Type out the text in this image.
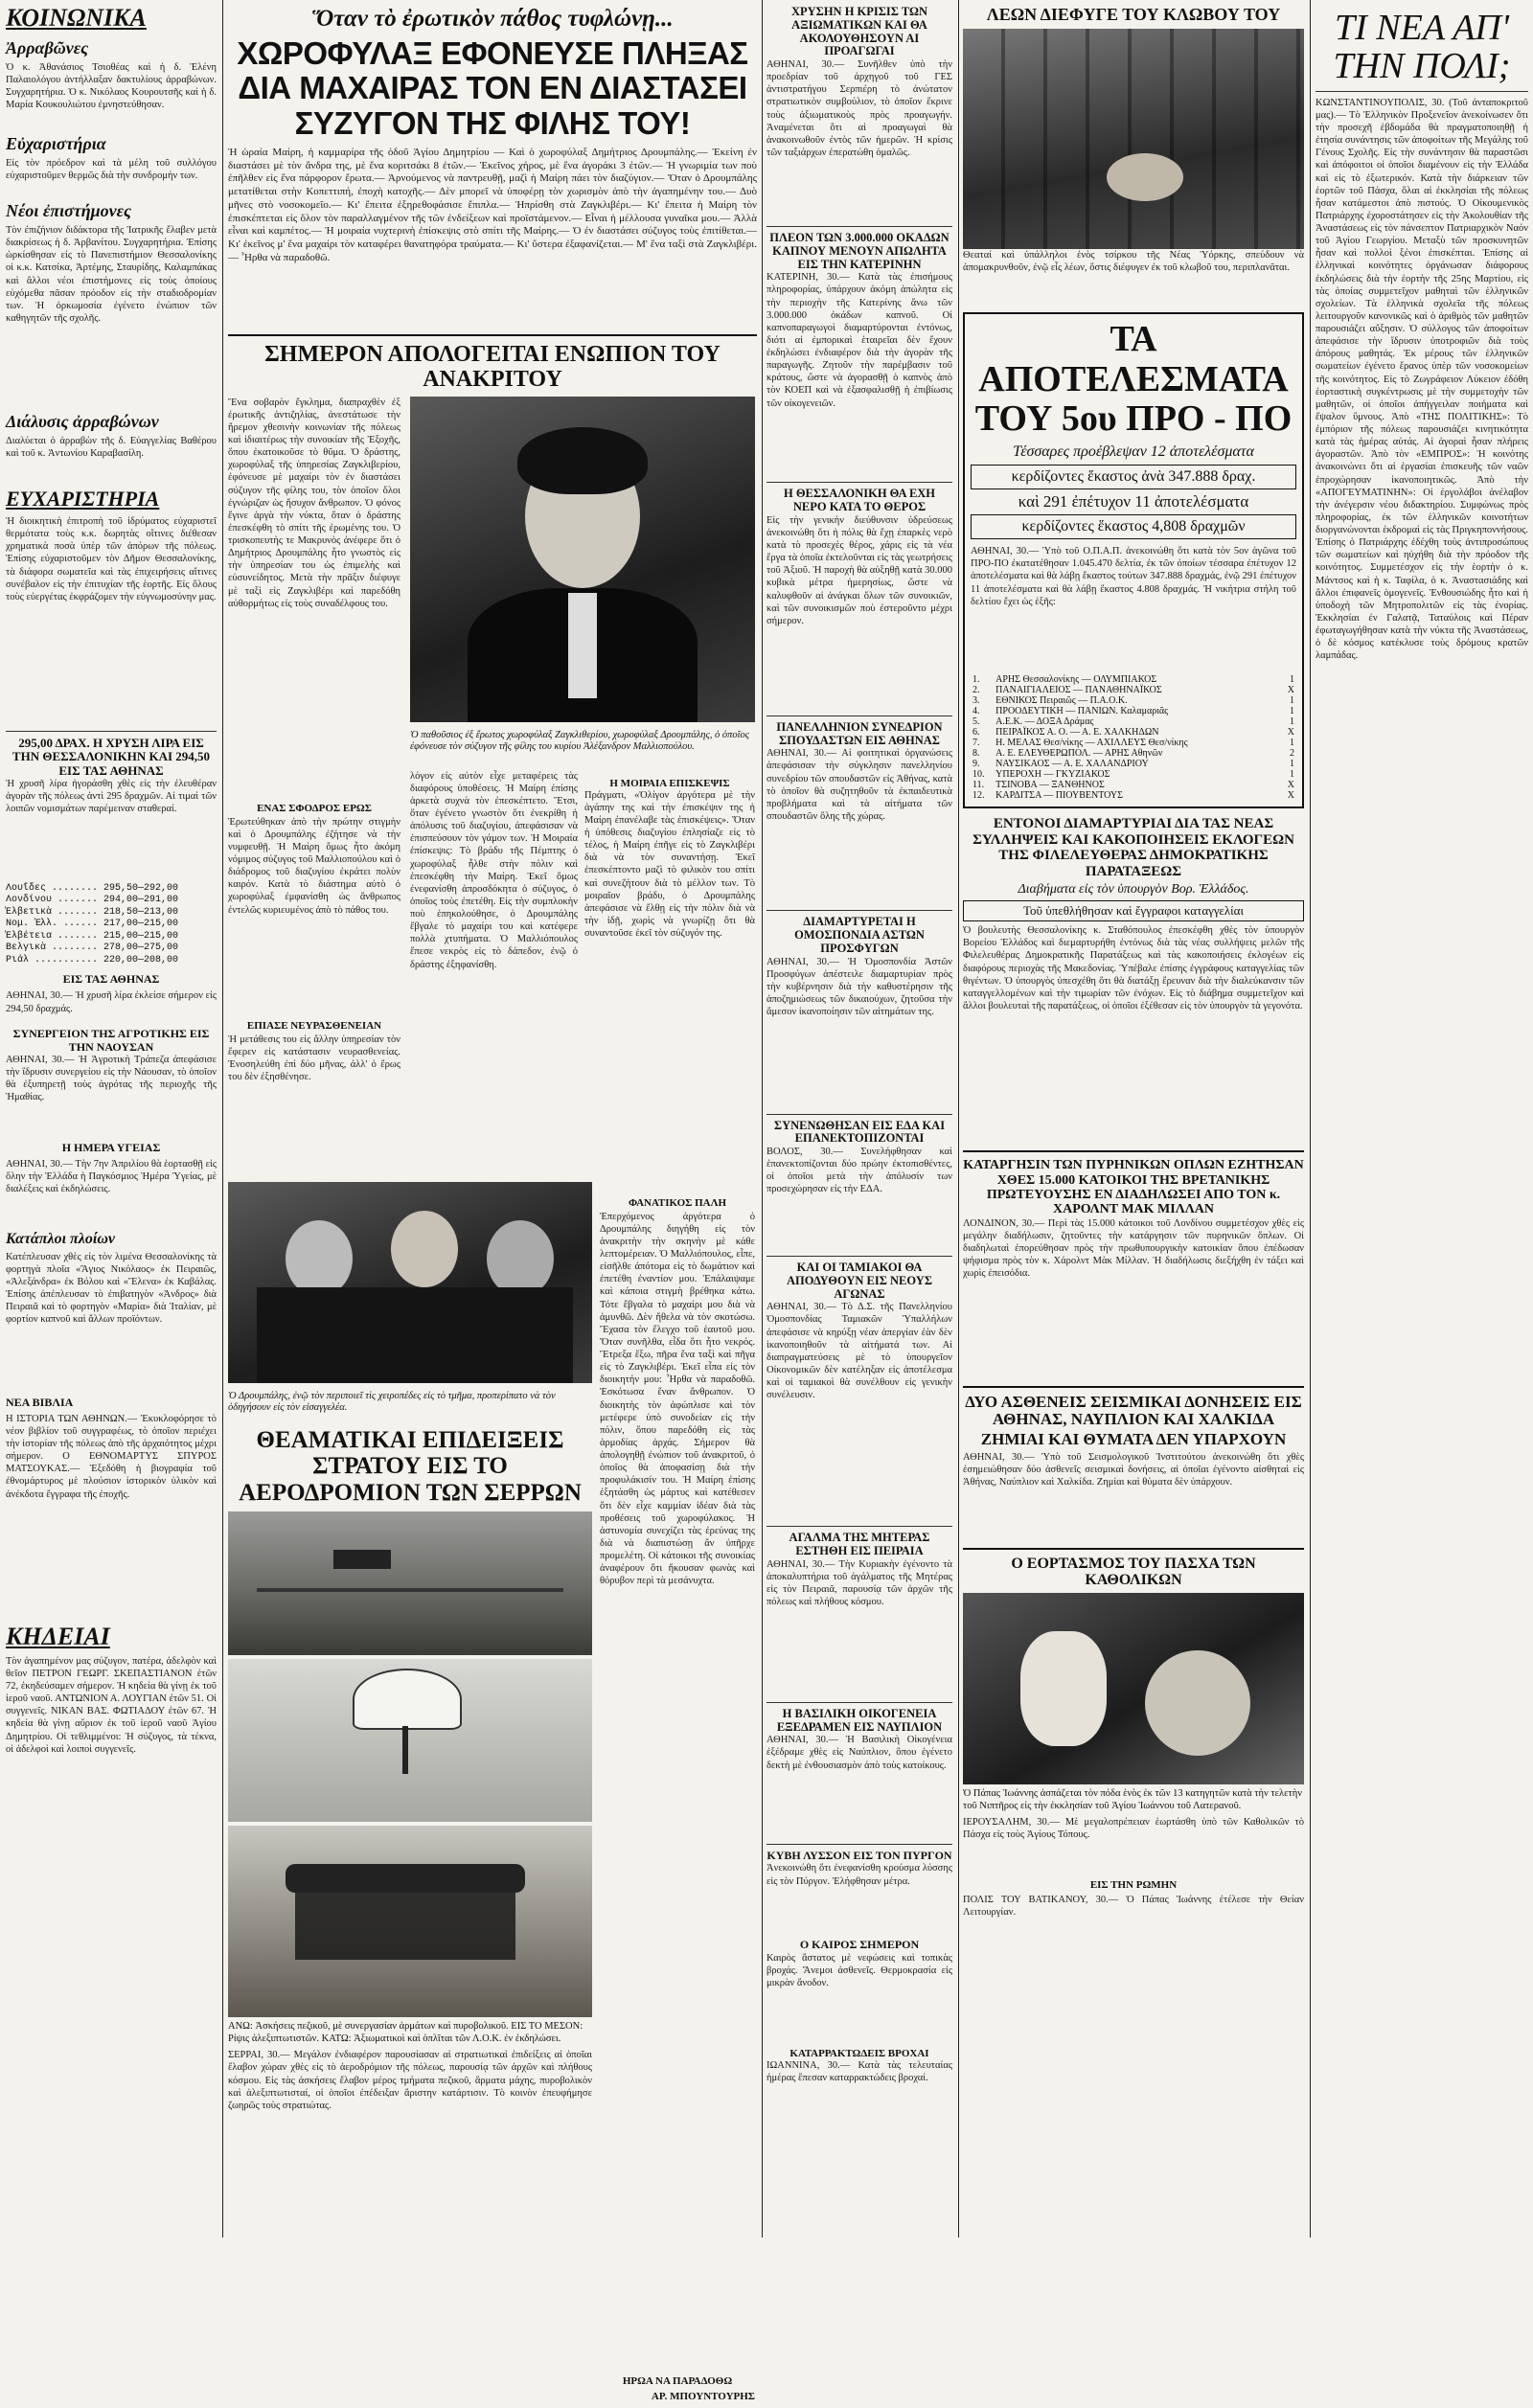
ΚΟΙΝΩΝΙΚΑ
Ἀρραβῶνες
Ὁ κ. Ἀθανάσιος Τσιοθέας καὶ ἡ δ. Ἐλένη Παλαιολόγου ἀντήλλαξαν δακτυλίους ἀρραβώνων. Συγχαρητήρια. Ὁ κ. Νικόλαος Κουρουτσῆς καὶ ἡ δ. Μαρία Κουκουλιώτου ἐμνηστεύθησαν.
Εὐχαριστήρια
Εἰς τὸν πρόεδρον καὶ τὰ μέλη τοῦ συλλόγου εὐχαριστοῦμεν θερμῶς διὰ τὴν συνδρομήν των.
Νέοι ἐπιστήμονες
Τὸν ἐπιζήνιον διδάκτορα τῆς Ἰατρικῆς ἔλαβεν μετὰ διακρίσεως ἡ δ. Ἀρβανίτου. Συγχαρητήρια. Ἐπίσης ὠρκίσθησαν εἰς τὸ Πανεπιστήμιον Θεσσαλονίκης οἱ κ.κ. Κατσίκα, Ἀρτέμης, Σταυρίδης, Καλαμπάκας καὶ ἄλλοι νέοι ἐπιστήμονες εἰς τοὺς ὁποίους εὐχόμεθα πᾶσαν πρόοδον εἰς τὴν σταδιοδρομίαν των. Ἡ ὁρκωμοσία ἐγένετο ἐνώπιον τῶν καθηγητῶν τῆς σχολῆς.
Διάλυσις ἀρραβώνων
Διαλύεται ὁ ἀρραβὼν τῆς δ. Εὐαγγελίας Βαθέρου καὶ τοῦ κ. Ἀντωνίου Καραβασίλη.
ΕΥΧΑΡΙΣΤΗΡΙΑ
Ἡ διοικητικὴ ἐπιτροπὴ τοῦ ἱδρύματος εὐχαριστεῖ θερμότατα τοὺς κ.κ. δωρητὰς οἵτινες διέθεσαν χρηματικὰ ποσὰ ὑπὲρ τῶν ἀπόρων τῆς πόλεως. Ἐπίσης εὐχαριστοῦμεν τὸν Δῆμον Θεσσαλονίκης, τὰ διάφορα σωματεῖα καὶ τὰς ἐπιχειρήσεις αἵτινες συνέβαλον εἰς τὴν ἐπιτυχίαν τῆς ἑορτῆς. Εἰς ὅλους τοὺς εὐεργέτας ἐκφράζομεν τὴν εὐγνωμοσύνην μας.
295,00 ΔΡΑΧ. Η ΧΡΥΣΗ ΛΙΡΑ ΕΙΣ ΤΗΝ ΘΕΣΣΑΛΟΝΙΚΗΝ ΚΑΙ 294,50 ΕΙΣ ΤΑΣ ΑΘΗΝΑΣ
Ἡ χρυσῆ λίρα ἠγοράσθη χθὲς εἰς τὴν ἐλευθέραν ἀγορὰν τῆς πόλεως ἀντὶ 295 δραχμῶν. Αἱ τιμαὶ τῶν λοιπῶν νομισμάτων παρέμειναν σταθεραί.
Λουΐδες ........ 295,50—292,00
Λονδίνου ....... 294,00—291,00
Ἐλβετικὰ ....... 218,50—213,00
Νομ. Ἑλλ. ...... 217,00—215,00
Ἐλβέτεια ....... 215,00—215,00
Βελγικὰ ........ 278,00—275,00
Ριάλ ........... 220,00—208,00
ΕΙΣ ΤΑΣ ΑΘΗΝΑΣ
ΑΘΗΝΑΙ, 30.— Ἡ χρυσῆ λίρα ἐκλείσε σήμερον εἰς 294,50 δραχμάς.
ΣΥΝΕΡΓΕΙΟΝ ΤΗΣ ΑΓΡΟΤΙΚΗΣ ΕΙΣ ΤΗΝ ΝΑΟΥΣΑΝ
ΑΘΗΝΑΙ, 30.— Ἡ Ἀγροτικὴ Τράπεζα ἀπεφάσισε τὴν ἵδρυσιν συνεργείου εἰς τὴν Νάουσαν, τὸ ὁποῖον θὰ ἐξυπηρετῇ τοὺς ἀγρότας τῆς περιοχῆς τῆς Ἡμαθίας.
Η ΗΜΕΡΑ ΥΓΕΙΑΣ
ΑΘΗΝΑΙ, 30.— Τὴν 7ην Ἀπριλίου θὰ ἑορτασθῇ εἰς ὅλην τὴν Ἑλλάδα ἡ Παγκόσμιος Ἡμέρα Ὑγείας, μὲ διαλέξεις καὶ ἐκδηλώσεις.
Κατάπλοι πλοίων
Κατέπλευσαν χθὲς εἰς τὸν λιμένα Θεσσαλονίκης τὰ φορτηγὰ πλοῖα «Ἄγιος Νικόλαος» ἐκ Πειραιῶς, «Ἀλεξάνδρα» ἐκ Βόλου καὶ «Ἕλενα» ἐκ Καβάλας. Ἐπίσης ἀπέπλευσαν τὸ ἐπιβατηγὸν «Ἀνδρος» διὰ Πειραιᾶ καὶ τὸ φορτηγὸν «Μαρία» διὰ Ἰταλίαν, μὲ φορτίον καπνοῦ καὶ ἄλλων προϊόντων.
ΝΕΑ ΒΙΒΛΙΑ
Η ΙΣΤΟΡΙΑ ΤΩΝ ΑΘΗΝΩΝ.— Ἐκυκλοφόρησε τὸ νέον βιβλίον τοῦ συγγραφέως, τὸ ὁποῖον περιέχει τὴν ἱστορίαν τῆς πόλεως ἀπὸ τῆς ἀρχαιότητος μέχρι σήμερον. Ο ΕΘΝΟΜΑΡΤΥΣ ΣΠΥΡΟΣ ΜΑΤΣΟΥΚΑΣ.— Ἐξεδόθη ἡ βιογραφία τοῦ ἐθνομάρτυρος μὲ πλούσιον ἱστορικὸν ὑλικὸν καὶ ἀνέκδοτα ἔγγραφα τῆς ἐποχῆς.
ΚΗΔΕΙΑΙ
Τὸν ἀγαπημένον μας σύζυγον, πατέρα, ἀδελφὸν καὶ θεῖον ΠΕΤΡΟΝ ΓΕΩΡΓ. ΣΚΕΠΑΣΤΙΑΝΟΝ ἐτῶν 72, ἐκηδεύσαμεν σήμερον. Ἡ κηδεία θὰ γίνῃ ἐκ τοῦ ἱεροῦ ναοῦ. ΑΝΤΩΝΙΟΝ Α. ΛΟΥΓΙΑΝ ἐτῶν 51. Οἱ συγγενεῖς. ΝΙΚΑΝ ΒΑΣ. ΦΩΤΙΑΔΟΥ ἐτῶν 67. Ἡ κηδεία θὰ γίνῃ αὔριον ἐκ τοῦ ἱεροῦ ναοῦ Ἁγίου Δημητρίου. Οἱ τεθλιμμένοι: Ἡ σύζυγος, τὰ τέκνα, οἱ ἀδελφοὶ καὶ λοιποὶ συγγενεῖς.
Ὅταν τὸ ἐρωτικὸν πάθος τυφλώνῃ...
ΧΩΡΟΦΥΛΑΞ ΕΦΟΝΕΥΣΕ ΠΛΗΞΑΣ ΔΙΑ ΜΑΧΑΙΡΑΣ ΤΟΝ ΕΝ ΔΙΑΣΤΑΣΕΙ ΣΥΖΥΓΟΝ ΤΗΣ ΦΙΛΗΣ ΤΟΥ!
Ἡ ὡραία Μαίρη, ἡ καμμαρίρα τῆς ὁδοῦ Ἁγίου Δημητρίου — Καὶ ὁ χωροφύλαξ Δημήτριος Δρουμπάλης.— Ἐκείνη ἐν διαστάσει μὲ τὸν ἄνδρα της, μὲ ἕνα κοριτσάκι 8 ἐτῶν.— Ἐκεῖνος χήρος, μὲ ἕνα ἀγοράκι 3 ἐτῶν.— Ἡ γνωριμία των ποὺ ἐπῆλθεν εἰς ἕνα πάρφορον ἔρωτα.— Ἀρνούμενος νὰ παντρευθῇ, μαζὶ ἡ Μαίρη πάει τὸν διαζύγιον.— Ὅταν ὁ Δρουμπάλης μετατίθεται στὴν Κοπεττιπή, ἐποχὴ κατοχῆς.— Δὲν μπορεῖ νὰ ὑποφέρῃ τὸν χωρισμὸν ἀπὸ τὴν ἀγαπημένην του.— Δυὸ μῆνες στὸ νοσοκομεῖο.— Κι' ἔπειτα ἐξηρεθοφάσισε ἔπιπλα.— Ἠπρίσθη στὰ Ζαγκλιβέρι.— Κι' ἔπειτα ἡ Μαίρη τὸν ἐπισκέπτεται εἰς ὅλον τὸν παραλλαγμένον τῆς τῶν ἐνδείξεων καὶ προϊστάμενον.— Εἶναι ἡ μέλλουσα γυναῖκα μου.— Ἀλλὰ εἶναι καὶ καμπέτος.— Ἡ μοιραία νυχτερινὴ ἐπίσκεψις στὸ σπίτι τῆς Μαίρης.— Ὁ ἐν διαστάσει σύζυγος τοὺς ἐπιτίθεται.— Κι' ἐκεῖνος μ' ἕνα μαχαίρι τὸν καταφέρει θανατηφόρα τραύματα.— Κι' ὕστερα ἐξαφανίζεται.— Μ' ἕνα ταξὶ στὰ Ζαγκλιβέρι.— Ἦρθα νὰ παραδοθῶ.
ΣΗΜΕΡΟΝ ΑΠΟΛΟΓΕΙΤΑΙ ΕΝΩΠΙΟΝ ΤΟΥ ΑΝΑΚΡΙΤΟΥ
Ἕνα σοβαρὸν ἔγκλημα, διαπραχθὲν ἐξ ἐρωτικῆς ἀντιζηλίας, ἀνεστάτωσε τὴν ἤρεμον χθεσινὴν κοινωνίαν τῆς πόλεως καὶ ἰδιαιτέρως τὴν συνοικίαν τῆς Ἐξοχῆς, ὅπου ἐκατοικοῦσε τὸ θῦμα. Ὁ δράστης, χωροφύλαξ τῆς ὑπηρεσίας Ζαγκλιβερίου, ἐφόνευσε μὲ μαχαίρι τὸν ἐν διαστάσει σύζυγον τῆς φίλης του, τὸν ὁποῖον ὅλοι ἐγνώριζαν ὡς ἥσυχον ἄνθρωπον. Ὁ φόνος ἔγινε ἀργὰ τὴν νύκτα, ὅταν ὁ δράστης ἐπεσκέφθη τὸ σπίτι τῆς ἐρωμένης του. Ὁ τρισκοπευτὴς τε Μακρυνὸς ἀνέφερε ὅτι ὁ Δημήτριος Δρουμπάλης ἦτο γνωστὸς εἰς τὴν ὑπηρεσίαν του ὡς ἐπιμελὴς καὶ εὐσυνείδητος. Μετὰ τὴν πρᾶξιν διέφυγε μὲ ταξὶ εἰς Ζαγκλιβέρι καὶ παρεδόθη αὐθορμήτως εἰς τοὺς συναδέλφους του.
Ὁ παθοῦσιος ἐξ ἔρωτος χωροφύλαξ Ζαγκλιθερίου, χωροφύλαξ Δρουμπάλης, ὁ ὁποῖος ἐφόνευσε τὸν σύζυγον τῆς φίλης του κυρίου Ἀλέξανδρον Μαλλιοπούλου.
ΕΝΑΣ ΣΦΟΔΡΟΣ ΕΡΩΣ
Ἐρωτεύθηκαν ἀπὸ τὴν πρώτην στιγμὴν καὶ ὁ Δρουμπάλης ἐζήτησε νὰ τὴν νυμφευθῇ. Ἡ Μαίρη ὅμως ἦτο ἀκόμη νόμιμος σύζυγος τοῦ Μαλλιοπούλου καὶ ὁ διάδρομος τοῦ διαζυγίου ἐκράτει πολὺν καιρόν. Κατὰ τὸ διάστημα αὐτὸ ὁ χωροφύλαξ ἐμφανίσθη ὡς ἄνθρωπος ἐντελῶς κυριευμένος ἀπὸ τὸ πάθος του.
ΕΠΙΑΣΕ ΝΕΥΡΑΣΘΕΝΕΙΑΝ
Ἡ μετάθεσις του εἰς ἄλλην ὑπηρεσίαν τὸν ἔφερεν εἰς κατάστασιν νευρασθενείας. Ἐνοσηλεύθη ἐπὶ δύο μῆνας, ἀλλ' ὁ ἔρως του δὲν ἐξησθένησε.
λόγον εἰς αὐτὸν εἶχε μεταφέρεις τὰς διαφόρους ὑποθέσεις. Ἡ Μαίρη ἐπίσης ἀρκετὰ συχνὰ τὸν ἐπεσκέπτετο. Ἔτσι, ὅταν ἐγένετο γνωστὸν ὅτι ἐνεκρίθη ἡ ἀπόλυσις τοῦ διαζυγίου, ἀπεφάσισαν νὰ ἐπισπεύσουν τὸν γάμον των. Ἡ Μοιραία ἐπίσκεψις: Τὸ βράδυ τῆς Πέμπτης ὁ χωροφύλαξ ἦλθε στὴν πόλιν καὶ ἐπεσκέφθη τὴν Μαίρη. Ἐκεῖ ὅμως ἐνεφανίσθη ἀπροσδόκητα ὁ σύζυγος, ὁ ὁποῖος τοὺς ἐπετέθη. Εἰς τὴν συμπλοκὴν ποὺ ἐπηκολούθησε, ὁ Δρουμπάλης ἔβγαλε τὸ μαχαίρι του καὶ κατέφερε πολλὰ χτυπήματα. Ὁ Μαλλιόπουλος ἔπεσε νεκρὸς εἰς τὸ δάπεδον, ἐνῷ ὁ δράστης ἐξηφανίσθη.
Η ΜΟΙΡΑΙΑ ΕΠΙΣΚΕΨΙΣ
Πράγματι, «Ὀλίγον ἀργότερα μὲ τὴν ἀγάπην της καὶ τὴν ἐπισκέψιν της ἡ Μαίρη ἐπανέλαβε τὰς ἐπισκέψεις». Ὅταν ἡ ὑπόθεσις διαζυγίου ἐπλησίαζε εἰς τὸ τέλος, ἡ Μαίρη ἐπῆγε εἰς τὸ Ζαγκλιβέρι διὰ νὰ τὸν συναντήσῃ. Ἐκεῖ ἐπεσκέπτοντο μαζὶ τὸ φιλικὸν του σπίτι καὶ συνεζήτουν διὰ τὸ μέλλον των. Τὸ μοιραῖον βράδυ, ὁ Δρουμπάλης ἀπεφάσισε νὰ ἔλθῃ εἰς τὴν πόλιν διὰ νὰ τὴν ἰδῇ, χωρὶς νὰ γνωρίζῃ ὅτι θὰ συναντοῦσε ἐκεῖ τὸν σύζυγόν της.
Ὁ Δρουμπάλης, ἐνῷ τὸν περιποιεῖ τὶς χειροπέδες εἰς τὸ τμῆμα, προπερίπατο νὰ τὸν ὁδηγήσουν εἰς τὸν εἰσαγγελέα.
ΦΑΝΑΤΙΚΟΣ ΠΑΛΗ
Ἐπερχόμενος ἀργότερα ὁ Δρουμπάλης διηγήθη εἰς τὸν ἀνακριτὴν τὴν σκηνὴν μὲ κάθε λεπτομέρειαν. Ὁ Μαλλιόπουλος, εἶπε, εἰσῆλθε ἀπότομα εἰς τὸ δωμάτιον καὶ ἐπετέθη ἐναντίον μου. Ἐπάλαιψαμε καὶ κάποια στιγμὴ βρέθηκα κάτω. Τότε ἔβγαλα τὸ μαχαίρι μου διὰ νὰ ἀμυνθῶ. Δὲν ἤθελα νὰ τὸν σκοτώσω. Ἔχασα τὸν ἔλεγχο τοῦ ἑαυτοῦ μου. Ὅταν συνῆλθα, εἶδα ὅτι ἦτο νεκρός. Ἔτρεξα ἔξω, πῆρα ἕνα ταξὶ καὶ πῆγα εἰς τὸ Ζαγκλιβέρι. Ἐκεῖ εἶπα εἰς τὸν διοικητήν μου: Ἦρθα νὰ παραδοθῶ. Ἐσκότωσα ἕναν ἄνθρωπον. Ὁ διοικητὴς τὸν ἀφώπλισε καὶ τὸν μετέφερε ὑπὸ συνοδείαν εἰς τὴν πόλιν, ὅπου παρεδόθη εἰς τὰς ἀρμοδίας ἀρχάς. Σήμερον θὰ ἀπολογηθῇ ἐνώπιον τοῦ ἀνακριτοῦ, ὁ ὁποῖος θὰ ἀποφασίσῃ διὰ τὴν προφυλάκισίν του. Ἡ Μαίρη ἐπίσης ἐξητάσθη ὡς μάρτυς καὶ κατέθεσεν ὅτι δὲν εἶχε καμμίαν ἰδέαν διὰ τὰς προθέσεις τοῦ χωροφύλακος. Ἡ ἀστυνομία συνεχίζει τὰς ἐρεύνας της διὰ νὰ διαπιστώσῃ ἂν ὑπῆρχε προμελέτη. Οἱ κάτοικοι τῆς συνοικίας ἀναφέρουν ὅτι ἤκουσαν φωνὰς καὶ θόρυβον περὶ τὰ μεσάνυχτα.
ΗΡΩΑ ΝΑ ΠΑΡΑΔΟΘΩ
ΑΡ. ΜΠΟΥΝΤΟΥΡΗΣ
ΘΕΑΜΑΤΙΚΑΙ ΕΠΙΔΕΙΞΕΙΣ ΣΤΡΑΤΟΥ ΕΙΣ ΤΟ ΑΕΡΟΔΡΟΜΙΟΝ ΤΩΝ ΣΕΡΡΩΝ
ΑΝΩ: Ἀσκήσεις πεζικοῦ, μὲ συνεργασίαν ἁρμάτων καὶ πυροβολικοῦ. ΕΙΣ ΤΟ ΜΕΣΟΝ: Ρίψις ἀλεξιπτωτιστῶν. ΚΑΤΩ: Ἀξιωματικοὶ καὶ ὁπλῖται τῶν Λ.Ο.Κ. ἐν ἐκδηλώσει.
ΣΕΡΡΑΙ, 30.— Μεγάλον ἐνδιαφέρον παρουσίασαν αἱ στρατιωτικαὶ ἐπιδείξεις αἱ ὁποῖαι ἔλαβον χώραν χθὲς εἰς τὸ ἀεροδρόμιον τῆς πόλεως, παρουσίᾳ τῶν ἀρχῶν καὶ πλήθους κόσμου. Εἰς τὰς ἀσκήσεις ἔλαβον μέρος τμήματα πεζικοῦ, ἅρματα μάχης, πυροβολικὸν καὶ ἀλεξιπτωτισταί, οἱ ὁποῖοι ἐπέδειξαν ἄριστην κατάρτισιν. Τὸ κοινὸν ἐπευφήμησε ζωηρῶς τοὺς στρατιώτας.
ΧΡΥΣΗΝ Η ΚΡΙΣΙΣ ΤΩΝ ΑΞΙΩΜΑΤΙΚΩΝ ΚΑΙ ΘΑ ΑΚΟΛΟΥΘΗΣΟΥΝ ΑΙ ΠΡΟΑΓΩΓΑΙ
ΑΘΗΝΑΙ, 30.— Συνῆλθεν ὑπὸ τὴν προεδρίαν τοῦ ἀρχηγοῦ τοῦ ΓΕΣ ἀντιστρατήγου Σερπιέρη τὸ ἀνώτατον στρατιωτικὸν συμβούλιον, τὸ ὁποῖον ἔκρινε τοὺς ἀξιωματικοὺς πρὸς προαγωγήν. Ἀναμένεται ὅτι αἱ προαγωγαὶ θὰ ἀνακοινωθοῦν ἐντὸς τῶν ἡμερῶν. Ἡ κρίσις τῶν ταξιάρχων ἐπερατώθη ὁμαλῶς.
ΠΛΕΟΝ ΤΩΝ 3.000.000 ΟΚΑΔΩΝ ΚΑΠΝΟΥ ΜΕΝΟΥΝ ΑΠΩΛΗΤΑ ΕΙΣ ΤΗΝ ΚΑΤΕΡΙΝΗΝ
ΚΑΤΕΡΙΝΗ, 30.— Κατὰ τὰς ἐπισήμους πληροφορίας, ὑπάρχουν ἀκόμη ἀπώλητα εἰς τὴν περιοχὴν τῆς Κατερίνης ἄνω τῶν 3.000.000 ὀκάδων καπνοῦ. Οἱ καπνοπαραγωγοὶ διαμαρτύρονται ἐντόνως, διότι αἱ ἐμπορικαὶ ἑταιρεῖαι δὲν ἔχουν ἐκδηλώσει ἐνδιαφέρον διὰ τὴν ἀγορὰν τῆς παραγωγῆς. Ζητοῦν τὴν παρέμβασιν τοῦ κράτους, ὥστε νὰ ἀγορασθῇ ὁ καπνὸς ἀπὸ τὸν ΚΟΕΠ καὶ νὰ ἐξασφαλισθῇ ἡ ἐπιβίωσις τῶν οἰκογενειῶν.
Η ΘΕΣΣΑΛΟΝΙΚΗ ΘΑ ΕΧΗ ΝΕΡΟ ΚΑΤΑ ΤΟ ΘΕΡΟΣ
Εἰς τὴν γενικὴν διεύθυνσιν ὑδρεύσεως ἀνεκοινώθη ὅτι ἡ πόλις θὰ ἔχῃ ἐπαρκὲς νερὸ κατὰ τὸ προσεχὲς θέρος, χάρις εἰς τὰ νέα ἔργα τὰ ὁποῖα ἐκτελοῦνται εἰς τὰς γεωτρήσεις τοῦ Ἀξιοῦ. Ἡ παροχὴ θὰ αὐξηθῇ κατὰ 30.000 κυβικὰ μέτρα ἡμερησίως, ὥστε νὰ καλυφθοῦν αἱ ἀνάγκαι ὅλων τῶν συνοικιῶν, καὶ τῶν συνοικισμῶν ποὺ ἐστεροῦντο μέχρι σήμερον.
ΠΑΝΕΛΛΗΝΙΟΝ ΣΥΝΕΔΡΙΟΝ ΣΠΟΥΔΑΣΤΩΝ ΕΙΣ ΑΘΗΝΑΣ
ΑΘΗΝΑΙ, 30.— Αἱ φοιτητικαὶ ὀργανώσεις ἀπεφάσισαν τὴν σύγκλησιν πανελληνίου συνεδρίου τῶν σπουδαστῶν εἰς Ἀθήνας, κατὰ τὸ ὁποῖον θὰ συζητηθοῦν τὰ ἐκπαιδευτικὰ προβλήματα καὶ τὰ αἰτήματα τῶν σπουδαστῶν ὅλης τῆς χώρας.
ΔΙΑΜΑΡΤΥΡΕΤΑΙ Η ΟΜΟΣΠΟΝΔΙΑ ΑΣΤΩΝ ΠΡΟΣΦΥΓΩΝ
ΑΘΗΝΑΙ, 30.— Ἡ Ὁμοσπονδία Ἀστῶν Προσφύγων ἀπέστειλε διαμαρτυρίαν πρὸς τὴν κυβέρνησιν διὰ τὴν καθυστέρησιν τῆς ἀποζημιώσεως τῶν δικαιούχων, ζητοῦσα τὴν ἄμεσον ἱκανοποίησιν τῶν αἰτημάτων της.
ΣΥΝΕΝΩΘΗΣΑΝ ΕΙΣ ΕΔΑ ΚΑΙ ΕΠΑΝΕΚΤΟΠΙΖΟΝΤΑΙ
ΒΟΛΟΣ, 30.— Συνελήφθησαν καὶ ἐπανεκτοπίζονται δύο πρώην ἐκτοπισθέντες, οἱ ὁποῖοι μετὰ τὴν ἀπόλυσίν των προσεχώρησαν εἰς τὴν ΕΔΑ.
ΚΑΙ ΟΙ ΤΑΜΙΑΚΟΙ ΘΑ ΑΠΟΔΥΘΟΥΝ ΕΙΣ ΝΕΟΥΣ ΑΓΩΝΑΣ
ΑΘΗΝΑΙ, 30.— Τὸ Δ.Σ. τῆς Πανελληνίου Ὁμοσπονδίας Ταμιακῶν Ὑπαλλήλων ἀπεφάσισε νὰ κηρύξῃ νέαν ἀπεργίαν ἐὰν δὲν ἱκανοποιηθοῦν τὰ αἰτήματά των. Αἱ διαπραγματεύσεις μὲ τὸ ὑπουργεῖον Οἰκονομικῶν δὲν κατέληξαν εἰς ἀποτέλεσμα καὶ οἱ ταμιακοὶ θὰ συνέλθουν εἰς γενικὴν συνέλευσιν.
ΑΓΑΛΜΑ ΤΗΣ ΜΗΤΕΡΑΣ ΕΣΤΗΘΗ ΕΙΣ ΠΕΙΡΑΙΑ
ΑΘΗΝΑΙ, 30.— Τὴν Κυριακὴν ἐγένοντο τὰ ἀποκαλυπτήρια τοῦ ἀγάλματος τῆς Μητέρας εἰς τὸν Πειραιᾶ, παρουσίᾳ τῶν ἀρχῶν τῆς πόλεως καὶ πλήθους κόσμου.
Η ΒΑΣΙΛΙΚΗ ΟΙΚΟΓΕΝΕΙΑ ΕΞΕΔΡΑΜΕΝ ΕΙΣ ΝΑΥΠΛΙΟΝ
ΑΘΗΝΑΙ, 30.— Ἡ Βασιλικὴ Οἰκογένεια ἐξέδραμε χθὲς εἰς Ναύπλιον, ὅπου ἐγένετο δεκτὴ μὲ ἐνθουσιασμὸν ἀπὸ τοὺς κατοίκους.
ΚΥΒΗ ΛΥΣΣΟΝ ΕΙΣ ΤΟΝ ΠΥΡΓΟΝ
Ἀνεκοινώθη ὅτι ἐνεφανίσθη κρούσμα λύσσης εἰς τὸν Πύργον. Ἐλήφθησαν μέτρα.
Ο ΚΑΙΡΟΣ ΣΗΜΕΡΟΝ
Καιρὸς ἄστατος μὲ νεφώσεις καὶ τοπικὰς βροχάς. Ἄνεμοι ἀσθενεῖς. Θερμοκρασία εἰς μικρὰν ἄνοδον.
ΚΑΤΑΡΡΑΚΤΩΔΕΙΣ ΒΡΟΧΑΙ
ΙΩΑΝΝΙΝΑ, 30.— Κατὰ τὰς τελευταίας ἡμέρας ἔπεσαν καταρρακτώδεις βροχαί.
ΛΕΩΝ ΔΙΕΦΥΓΕ ΤΟΥ ΚΛΩΒΟΥ ΤΟΥ
Θεαταί καὶ ὑπάλληλοι ἑνὸς τσίρκου τῆς Νέας Ὑόρκης, σπεύδουν νὰ ἀπομακρυνθοῦν, ἐνῷ εἷς λέων, ὅστις διέφυγεν ἐκ τοῦ κλωβοῦ του, περιπλανᾶται.
ΤΑ ΑΠΟΤΕΛΕΣΜΑΤΑ
ΤΟΥ 5ου ΠΡΟ - ΠΟ
Τέσσαρες προέβλεψαν 12 ἀποτελέσματα
κερδίζοντες ἕκαστος ἀνὰ 347.888 δραχ.
καὶ 291 ἐπέτυχον 11 ἀποτελέσματα
κερδίζοντες ἕκαστος 4,808 δραχμῶν
ΑΘΗΝΑΙ, 30.— Ὑπὸ τοῦ Ο.Π.Α.Π. ἀνεκοινώθη ὅτι κατὰ τὸν 5ον ἀγῶνα τοῦ ΠΡΟ-ΠΟ ἐκατατέθησαν 1.045.470 δελτία, ἐκ τῶν ὁποίων τέσσαρα ἐπέτυχον 12 ἀποτελέσματα καὶ θὰ λάβῃ ἕκαστος τούτων 347.888 δραχμάς, ἐνῷ 291 ἐπέτυχον 11 ἀποτελέσματα καὶ θὰ λάβῃ ἕκαστος 4.808 δραχμάς. Ἡ νικήτρια στήλη τοῦ δελτίου ἔχει ὡς ἑξῆς:
1.	ΑΡΗΣ Θεσσαλονίκης — ΟΛΥΜΠΙΑΚΟΣ	1
2.	ΠΑΝΑΙΓΙΑΛΕΙΟΣ — ΠΑΝΑΘΗΝΑΪΚΟΣ	X
3.	ΕΘΝΙΚΟΣ Πειραιῶς — Π.Α.Ο.Κ.	1
4.	ΠΡΟΟΔΕΥΤΙΚΗ — ΠΑΝΙΩΝ. Καλαμαριᾶς	1
5.	Α.Ε.Κ. — ΔΟΞΑ Δράμας	1
6.	ΠΕΙΡΑΪΚΟΣ Α. Ο. — Α. Ε. ΧΑΛΚΗΔΩΝ	X
7.	Η. ΜΕΛΑΣ Θεσ/νίκης — ΑΧΙΛΛΕΥΣ Θεσ/νίκης	1
8.	Α. Ε. ΕΛΕΥΘΕΡΩΠΟΛ. — ΑΡΗΣ Αθηνῶν	2
9.	ΝΑΥΣΙΚΑΟΣ — Α. Ε. ΧΑΛΑΝΔΡΙΟΥ	1
10.	ΥΠΕΡΟΧΗ — ΓΚΥΖΙΑΚΟΣ	1
11.	ΤΣΙΝΟΒΑ — ΞΑΝΘΗΝΟΣ	X
12.	ΚΑΡΔΙΤΣΑ — ΠΙΟΥΒΕΝΤΟΥΣ	X
ΕΝΤΟΝΟΙ ΔΙΑΜΑΡΤΥΡΙΑΙ ΔΙΑ ΤΑΣ ΝΕΑΣ ΣΥΛΛΗΨΕΙΣ ΚΑΙ ΚΑΚΟΠΟΙΗΣΕΙΣ ΕΚΛΟΓΕΩΝ ΤΗΣ ΦΙΛΕΛΕΥΘΕΡΑΣ ΔΗΜΟΚΡΑΤΙΚΗΣ ΠΑΡΑΤΑΞΕΩΣ
Διαβήματα εἰς τὸν ὑπουργὸν Βορ. Ἑλλάδος.
Τοῦ ὑπεθλήθησαν καὶ ἔγγραφοι καταγγελίαι
Ὁ βουλευτὴς Θεσσαλονίκης κ. Σταθόπουλος ἐπεσκέφθη χθὲς τὸν ὑπουργὸν Βορείου Ἑλλάδος καὶ διεμαρτυρήθη ἐντόνως διὰ τὰς νέας συλλήψεις μελῶν τῆς Φιλελευθέρας Δημοκρατικῆς Παρατάξεως καὶ τὰς κακοποιήσεις ἐκλογέων εἰς διαφόρους περιοχὰς τῆς Μακεδονίας. Ὑπέβαλε ἐπίσης ἐγγράφους καταγγελίας τῶν θιγέντων. Ὁ ὑπουργὸς ὑπεσχέθη ὅτι θὰ διατάξῃ ἔρευναν διὰ τὴν διαλεύκανσιν τῶν καταγγελλομένων καὶ τὴν τιμωρίαν τῶν ἐνόχων. Εἰς τὸ διάβημα συμμετεῖχον καὶ ἄλλοι βουλευταὶ τῆς παρατάξεως, οἱ ὁποῖοι ἐξέθεσαν εἰς τὸν ὑπουργὸν τὰ γεγονότα.
ΚΑΤΑΡΓΗΣΙΝ ΤΩΝ ΠΥΡΗΝΙΚΩΝ ΟΠΛΩΝ ΕΖΗΤΗΣΑΝ ΧΘΕΣ 15.000 ΚΑΤΟΙΚΟΙ ΤΗΣ ΒΡΕΤΑΝΙΚΗΣ ΠΡΩΤΕΥΟΥΣΗΣ ΕΝ ΔΙΑΔΗΛΩΣΕΙ ΑΠΟ ΤΟΝ κ. ΧΑΡΟΛΝΤ ΜΑΚ ΜΙΛΛΑΝ
ΛΟΝΔΙΝΟΝ, 30.— Περὶ τὰς 15.000 κάτοικοι τοῦ Λονδίνου συμμετέσχον χθὲς εἰς μεγάλην διαδήλωσιν, ζητοῦντες τὴν κατάργησιν τῶν πυρηνικῶν ὅπλων. Οἱ διαδηλωταὶ ἐπορεύθησαν πρὸς τὴν πρωθυπουργικὴν κατοικίαν ὅπου ἐπέδωσαν ψήφισμα πρὸς τὸν κ. Χάρολντ Μὰκ Μίλλαν. Ἡ διαδήλωσις διεξήχθη ἐν τάξει καὶ χωρὶς ἐπεισόδια.
ΔΥΟ ΑΣΘΕΝΕΙΣ ΣΕΙΣΜΙΚΑΙ ΔΟΝΗΣΕΙΣ ΕΙΣ ΑΘΗΝΑΣ, ΝΑΥΠΛΙΟΝ ΚΑΙ ΧΑΛΚΙΔΑ
ΖΗΜΙΑΙ ΚΑΙ ΘΥΜΑΤΑ ΔΕΝ ΥΠΑΡΧΟΥΝ
ΑΘΗΝΑΙ, 30.— Ὑπὸ τοῦ Σεισμολογικοῦ Ἰνστιτούτου ἀνεκοινώθη ὅτι χθὲς ἐσημειώθησαν δύο ἀσθενεῖς σεισμικαὶ δονήσεις, αἱ ὁποῖαι ἐγένοντο αἰσθηταὶ εἰς Ἀθήνας, Ναύπλιον καὶ Χαλκίδα. Ζημίαι καὶ θύματα δὲν ὑπάρχουν.
Ο ΕΟΡΤΑΣΜΟΣ ΤΟΥ ΠΑΣΧΑ ΤΩΝ ΚΑΘΟΛΙΚΩΝ
Ὁ Πάπας Ἰωάννης ἀσπάζεται τὸν πόδα ἑνὸς ἐκ τῶν 13 κατηγητῶν κατὰ τὴν τελετὴν τοῦ Νιπτῆρος εἰς τὴν ἐκκλησίαν τοῦ Ἁγίου Ἰωάννου τοῦ Λατερανοῦ.
ΙΕΡΟΥΣΑΛΗΜ, 30.— Μὲ μεγαλοπρέπειαν ἑωρτάσθη ὑπὸ τῶν Καθολικῶν τὸ Πάσχα εἰς τοὺς Ἁγίους Τόπους.
ΕΙΣ ΤΗΝ ΡΩΜΗΝ
ΠΟΛΙΣ ΤΟΥ ΒΑΤΙΚΑΝΟΥ, 30.— Ὁ Πάπας Ἰωάννης ἐτέλεσε τὴν Θείαν Λειτουργίαν.
ΤΙ ΝΕΑ ΑΠ' ΤΗΝ ΠΟΛΙ;
ΚΩΝΣΤΑΝΤΙΝΟΥΠΟΛΙΣ, 30. (Τοῦ ἀνταποκριτοῦ μας).— Τὸ Ἑλληνικὸν Προξενεῖον ἀνεκοίνωσεν ὅτι τὴν προσεχῆ ἑβδομάδα θὰ πραγματοποιηθῇ ἡ ἐτησία συνάντησις τῶν ἀποφοίτων τῆς Μεγάλης τοῦ Γένους Σχολῆς. Εἰς τὴν συνάντησιν θὰ παραστῶσι καὶ ἀπόφοιτοι οἱ ὁποῖοι διαμένουν εἰς τὴν Ἑλλάδα καὶ εἰς τὸ ἐξωτερικόν. Κατὰ τὴν διάρκειαν τῶν ἑορτῶν τοῦ Πάσχα, ὅλαι αἱ ἐκκλησίαι τῆς πόλεως ἦσαν κατάμεστοι ἀπὸ πιστούς. Ὁ Οἰκουμενικὸς Πατριάρχης ἐχοροστάτησεν εἰς τὴν Ἀκολουθίαν τῆς Ἀναστάσεως εἰς τὸν πάνσεπτον Πατριαρχικὸν Ναόν τοῦ Ἁγίου Γεωργίου. Μεταξὺ τῶν προσκυνητῶν ἦσαν καὶ πολλοὶ ξένοι ἐπισκέπται. Ἐπίσης αἱ ἑλληνικαὶ κοινότητες ὀργάνωσαν διάφορους ἐκδηλώσεις διὰ τὴν ἑορτὴν τῆς 25ης Μαρτίου, εἰς τὰς ὁποίας συμμετεῖχον μαθηταὶ τῶν ἑλληνικῶν σχολείων. Τὰ ἑλληνικὰ σχολεῖα τῆς πόλεως λειτουργοῦν κανονικῶς καὶ ὁ ἀριθμὸς τῶν μαθητῶν παρουσιάζει αὔξησιν. Ὁ σύλλογος τῶν ἀποφοίτων ἀπεφάσισε τὴν ἵδρυσιν ὑποτροφιῶν διὰ τοὺς ἀπόρους μαθητάς. Ἐκ μέρους τῶν ἑλληνικῶν σωματείων ἐγένετο ἔρανος ὑπὲρ τῶν νοσοκομείων τῆς κοινότητος. Εἰς τὸ Ζωγράφειον Λύκειον ἐδόθη ἑορταστικὴ συγκέντρωσις μὲ τὴν συμμετοχὴν τῶν μαθητῶν, οἱ ὁποῖοι ἀπήγγειλαν ποιήματα καὶ ἔψαλον ὕμνους. Ἀπὸ «ΤΗΣ ΠΟΛΙΤΙΚΗΣ»: Τὸ ἐμπόριον τῆς πόλεως παρουσιάζει κινητικότητα κατὰ τὰς ἡμέρας αὐτάς. Αἱ ἀγοραὶ ἦσαν πλήρεις ἀγοραστῶν. Ἀπὸ τὸν «ΕΜΠΡΟΣ»: Ἡ κοινότης ἀνακοινώνει ὅτι αἱ ἐργασίαι ἐπισκευῆς τῶν ναῶν ἐπροχώρησαν ἱκανοποιητικῶς. Ἀπὸ τὴν «ΑΠΟΓΕΥΜΑΤΙΝΗΝ»: Οἱ ἐργολάβοι ἀνέλαβον τὴν ἀνέγερσιν νέου διδακτηρίου. Συμφώνως πρὸς πληροφορίας, ἐκ τῶν ἑλληνικῶν κοινοτήτων διοργανώνονται ἐκδρομαὶ εἰς τὰς Πριγκηποννήσους. Ἐπίσης ὁ Πατριάρχης ἐδέχθη τοὺς ἀντιπροσώπους τῶν σωματείων καὶ ηὐχήθη διὰ τὴν πρόοδον τῆς κοινότητος. Συμμετέσχον εἰς τὴν ἑορτὴν ὁ κ. Μάντσος καὶ ἡ κ. Ταφίλα, ὁ κ. Ἀναστασιάδης καὶ ἄλλοι ἐπιφανεῖς ὁμογενεῖς. Ἐνθουσιώδης ἦτο καὶ ἡ ὑποδοχὴ τῶν Μητροπολιτῶν εἰς τὰς ἐνορίας. Ἐκκλησίαι ἐν Γαλατᾷ, Ταταύλοις καὶ Πέραν ἐφωταγωγήθησαν κατὰ τὴν νύκτα τῆς Ἀναστάσεως, ὁ δὲ κόσμος κατέκλυσε τοὺς δρόμους κρατῶν λαμπάδας.
